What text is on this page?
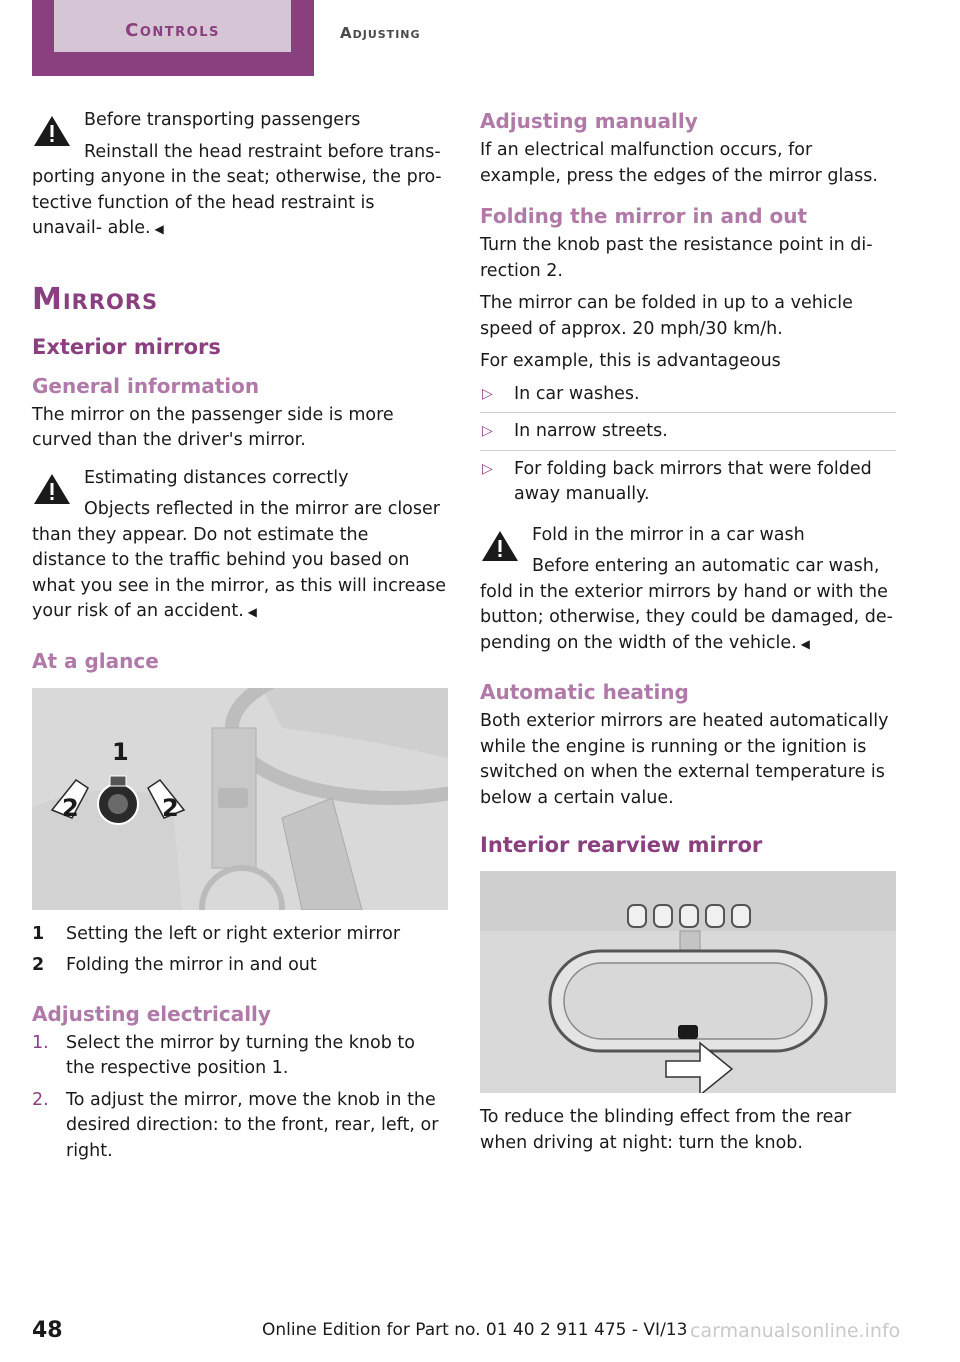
Controls	Adjusting
Before transporting passengers
Reinstall the head restraint before trans‐
porting anyone in the seat; otherwise, the pro‐ tective function of the head restraint is unavail‐ able. ◀
Mirrors
Exterior mirrors
General information

The mirror on the passenger side is more curved than the driver's mirror.

Estimating distances correctly
Objects reflected in the mirror are closer
than they appear. Do not estimate the distance to the traffic behind you based on what you see in the mirror, as this will increase your risk of an accident. ◀
At a glance
1
2	2
1 Setting the left or right exterior mirror
2 Folding the mirror in and out
Adjusting electrically
1. Select the mirror by turning the knob to the respective position 1.
2. To adjust the mirror, move the knob in the desired direction: to the front, rear, left, or right.
Adjusting manually

If an electrical malfunction occurs, for example, press the edges of the mirror glass.

Folding the mirror in and out

Turn the knob past the resistance point in di‐ rection 2.

The mirror can be folded in up to a vehicle speed of approx. 20 mph/30 km/h.

For example, this is advantageous

▷ In car washes.
▷ In narrow streets.
▷ For folding back mirrors that were folded away manually.
Fold in the mirror in a car wash
Before entering an automatic car wash,
fold in the exterior mirrors by hand or with the button; otherwise, they could be damaged, de‐ pending on the width of the vehicle. ◀
Automatic heating

Both exterior mirrors are heated automatically while the engine is running or the ignition is switched on when the external temperature is below a certain value.

Interior rearview mirror

To reduce the blinding effect from the rear when driving at night: turn the knob.

48	Online Edition for Part no. 01 40 2 911 475 - VI/13 carmanualsonline.info
